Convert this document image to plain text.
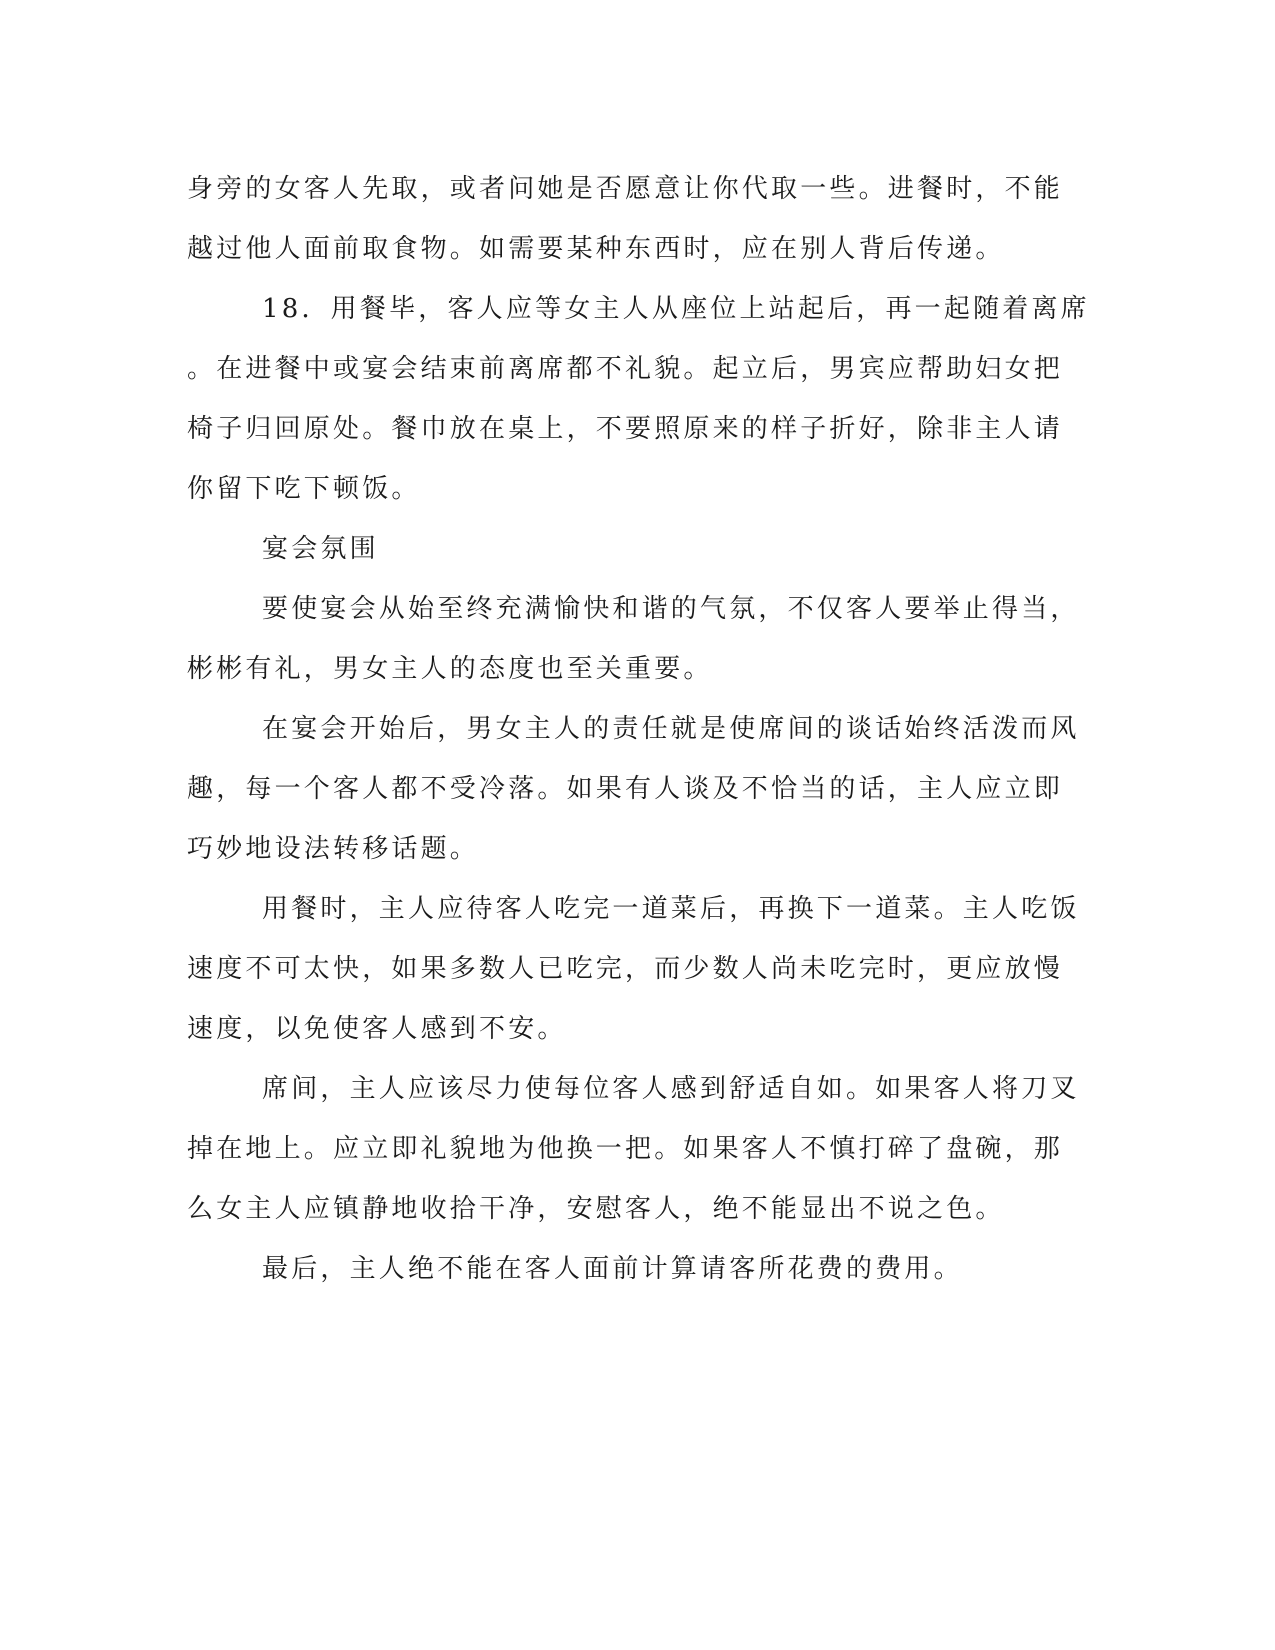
身旁的女客人先取，或者问她是否愿意让你代取一些。进餐时，不能
越过他人面前取食物。如需要某种东西时，应在别人背后传递。
18．用餐毕，客人应等女主人从座位上站起后，再一起随着离席
。在进餐中或宴会结束前离席都不礼貌。起立后，男宾应帮助妇女把
椅子归回原处。餐巾放在桌上，不要照原来的样子折好，除非主人请
你留下吃下顿饭。
宴会氛围
要使宴会从始至终充满愉快和谐的气氛，不仅客人要举止得当，
彬彬有礼，男女主人的态度也至关重要。
在宴会开始后，男女主人的责任就是使席间的谈话始终活泼而风
趣，每一个客人都不受冷落。如果有人谈及不恰当的话，主人应立即
巧妙地设法转移话题。
用餐时，主人应待客人吃完一道菜后，再换下一道菜。主人吃饭
速度不可太快，如果多数人已吃完，而少数人尚未吃完时，更应放慢
速度，以免使客人感到不安。
席间，主人应该尽力使每位客人感到舒适自如。如果客人将刀叉
掉在地上。应立即礼貌地为他换一把。如果客人不慎打碎了盘碗，那
么女主人应镇静地收拾干净，安慰客人，绝不能显出不说之色。
最后，主人绝不能在客人面前计算请客所花费的费用。
